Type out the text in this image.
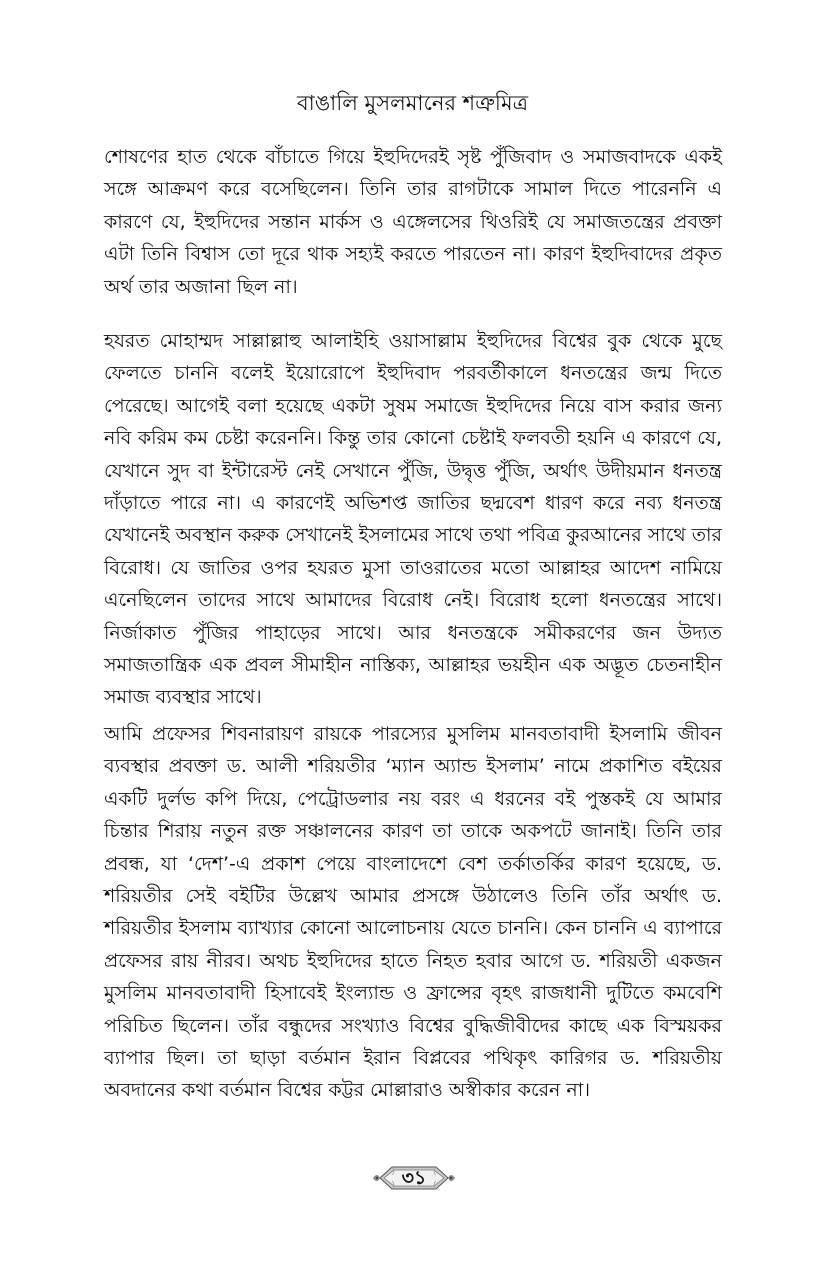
বাঙালি মুসলমানের শত্রুমিত্র

শোষণের হাত থেকে বাঁচাতে গিয়ে ইহুদিদেরই সৃষ্ট পুঁজিবাদ ও সমাজবাদকে একই সঙ্গে আক্রমণ করে বসেছিলেন। তিনি তার রাগটাকে সামাল দিতে পারেননি এ কারণে যে, ইহুদিদের সন্তান মার্কস ও এঙ্গেলসের থিওরিই যে সমাজতন্ত্রের প্রবক্তা এটা তিনি বিশ্বাস তো দূরে থাক সহ্যই করতে পারতেন না। কারণ ইহুদিবাদের প্রকৃত অর্থ তার অজানা ছিল না।

হযরত মোহাম্মদ সাল্লাল্লাহু আলাইহি ওয়াসাল্লাম ইহুদিদের বিশ্বের বুক থেকে মুছে ফেলতে চাননি বলেই ইয়োরোপে ইহুদিবাদ পরবর্তীকালে ধনতন্ত্রের জন্ম দিতে পেরেছে। আগেই বলা হয়েছে একটা সুষম সমাজে ইহুদিদের নিয়ে বাস করার জন্য নবি করিম কম চেষ্টা করেননি। কিন্তু তার কোনো চেষ্টাই ফলবতী হয়নি এ কারণে যে, যেখানে সুদ বা ইন্টারেস্ট নেই সেখানে পুঁজি, উদ্বৃত্ত পুঁজি, অর্থাৎ উদীয়মান ধনতন্ত্র দাঁড়াতে পারে না। এ কারণেই অভিশপ্ত জাতির ছদ্মবেশ ধারণ করে নব্য ধনতন্ত্র যেখানেই অবস্থান করুক সেখানেই ইসলামের সাথে তথা পবিত্র কুরআনের সাথে তার বিরোধ। যে জাতির ওপর হযরত মুসা তাওরাতের মতো আল্লাহর আদেশ নামিয়ে এনেছিলেন তাদের সাথে আমাদের বিরোধ নেই। বিরোধ হলো ধনতন্ত্রের সাথে। নির্জাকাত পুঁজির পাহাড়ের সাথে। আর ধনতন্ত্রকে সমীকরণের জন উদ্যত সমাজতান্ত্রিক এক প্রবল সীমাহীন নাস্তিক্য, আল্লাহর ভয়হীন এক অদ্ভূত চেতনাহীন সমাজ ব্যবস্থার সাথে।

আমি প্রফেসর শিবনারায়ণ রায়কে পারস্যের মুসলিম মানবতাবাদী ইসলামি জীবন ব্যবস্থার প্রবক্তা ড. আলী শরিয়তীর ‘ম্যান অ্যান্ড ইসলাম’ নামে প্রকাশিত বইয়ের একটি দুর্লভ কপি দিয়ে, পেট্রোডলার নয় বরং এ ধরনের বই পুস্তকই যে আমার চিন্তার শিরায় নতুন রক্ত সঞ্চালনের কারণ তা তাকে অকপটে জানাই। তিনি তার প্রবন্ধ, যা ‘দেশ’-এ প্রকাশ পেয়ে বাংলাদেশে বেশ তর্কাতর্কির কারণ হয়েছে, ড. শরিয়তীর সেই বইটির উল্লেখ আমার প্রসঙ্গে উঠালেও তিনি তাঁর অর্থাৎ ড. শরিয়তীর ইসলাম ব্যাখ্যার কোনো আলোচনায় যেতে চাননি। কেন চাননি এ ব্যাপারে প্রফেসর রায় নীরব। অথচ ইহুদিদের হাতে নিহত হবার আগে ড. শরিয়তী একজন মুসলিম মানবতাবাদী হিসাবেই ইংল্যান্ড ও ফ্রান্সের বৃহৎ রাজধানী দুটিতে কমবেশি পরিচিত ছিলেন। তাঁর বন্ধুদের সংখ্যাও বিশ্বের বুদ্ধিজীবীদের কাছে এক বিস্ময়কর ব্যাপার ছিল। তা ছাড়া বর্তমান ইরান বিপ্লবের পথিকৃৎ কারিগর ড. শরিয়তীয় অবদানের কথা বর্তমান বিশ্বের কট্টর মোল্লারাও অস্বীকার করেন না।

৩১
